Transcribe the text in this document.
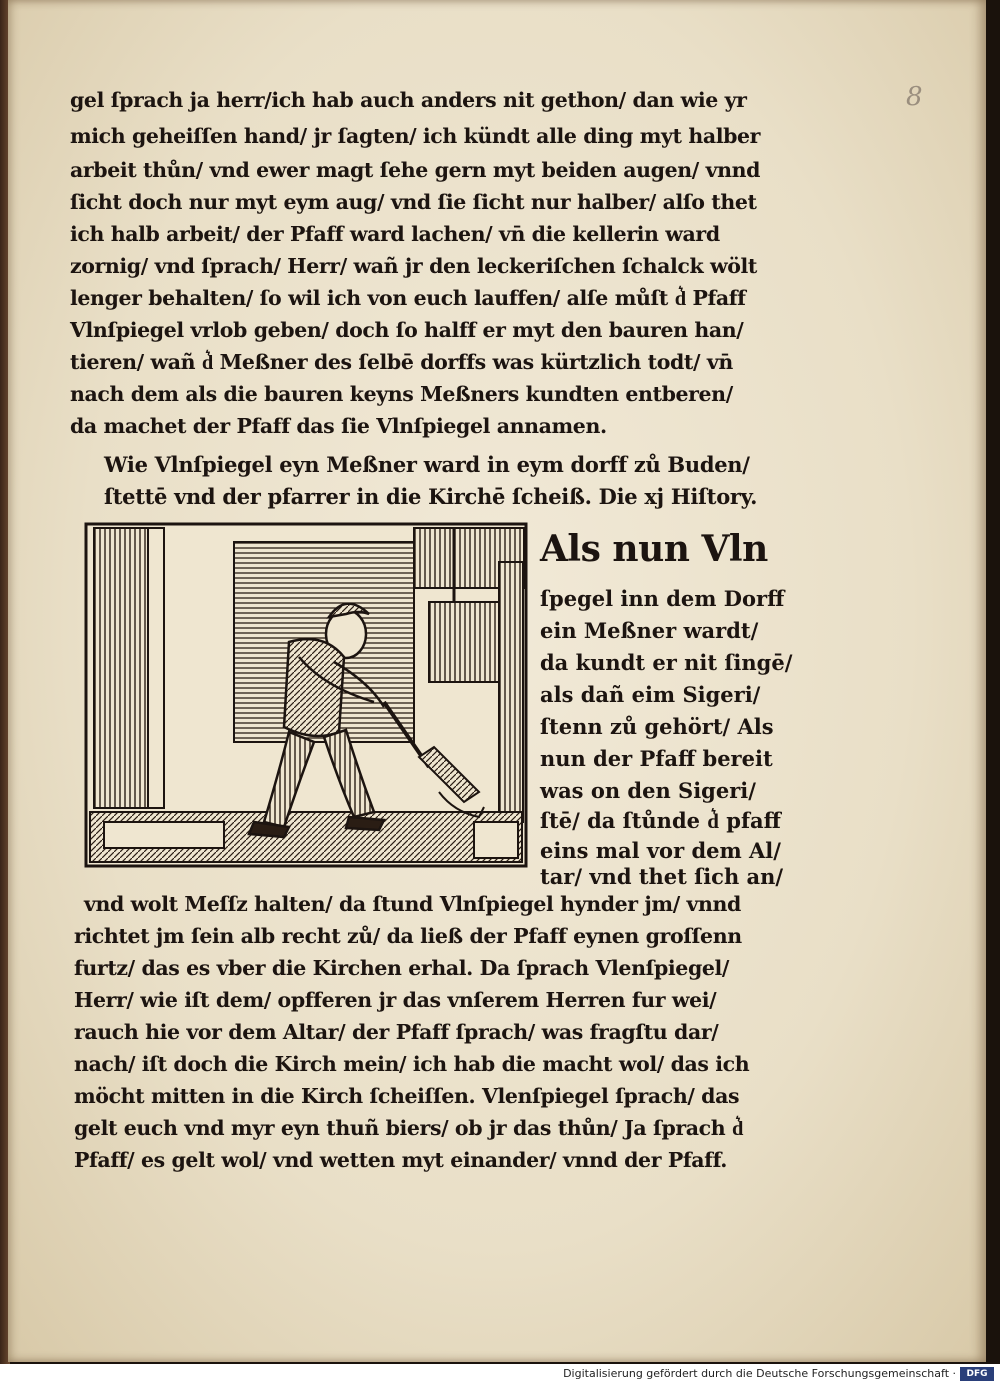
8

gel ſprach ja herr/ich hab auch anders nit gethon/ dan wie yr

mich geheiſſen hand/ jr ſagten/ ich kündt alle ding myt halber

arbeit thůn/ vnd ewer magt ſehe gern myt beiden augen/ vnnd

ſicht doch nur myt eym aug/ vnd ſie ſicht nur halber/ alſo thet

ich halb arbeit/ der Pfaff ward lachen/ vn̄ die kellerin ward

zornig/ vnd ſprach/ Herr/ wañ jr den leckeriſchen ſchalck wölt

lenger behalten/ ſo wil ich von euch lauffen/ alſe můſt d͛ Pfaff

Vlnſpiegel vrlob geben/ doch ſo halff er myt den bauren han/

tieren/ wañ d͛ Meßner des ſelbē dorffs was kürtzlich todt/ vn̄

nach dem als die bauren keyns Meßners kundten entberen/

da machet der Pfaff das ſie Vlnſpiegel annamen.

Wie Vlnſpiegel eyn Meßner ward in eym dorff zů Buden/

ſtettē vnd der pfarrer in die Kirchē ſcheiß. Die xj Hiſtory.

Als nun Vln

ſpegel inn dem Dorff

ein Meßner wardt/

da kundt er nit ſingē/

als dañ eim Sigeri/

ſtenn zů gehört/ Als

nun der Pfaff bereit

was on den Sigeri/

ſtē/ da ſtůnde d͛ pfaff

eins mal vor dem Al/

tar/ vnd thet ſich an/

vnd wolt Meſſz halten/ da ſtund Vlnſpiegel hynder jm/ vnnd

richtet jm ſein alb recht zů/ da ließ der Pfaff eynen groſſenn

furtz/ das es vber die Kirchen erhal. Da ſprach Vlenſpiegel/

Herr/ wie iſt dem/ opfferen jr das vnſerem Herren fur wei/

rauch hie vor dem Altar/ der Pfaff ſprach/ was fragſtu dar/

nach/ iſt doch die Kirch mein/ ich hab die macht wol/ das ich

möcht mitten in die Kirch ſcheiſſen. Vlenſpiegel ſprach/ das

gelt euch vnd myr eyn thuñ biers/ ob jr das thůn/ Ja ſprach d͛

Pfaff/ es gelt wol/ vnd wetten myt einander/ vnnd der Pfaff.

Digitalisierung gefördert durch die Deutsche Forschungsgemeinschaft ·	DFG
